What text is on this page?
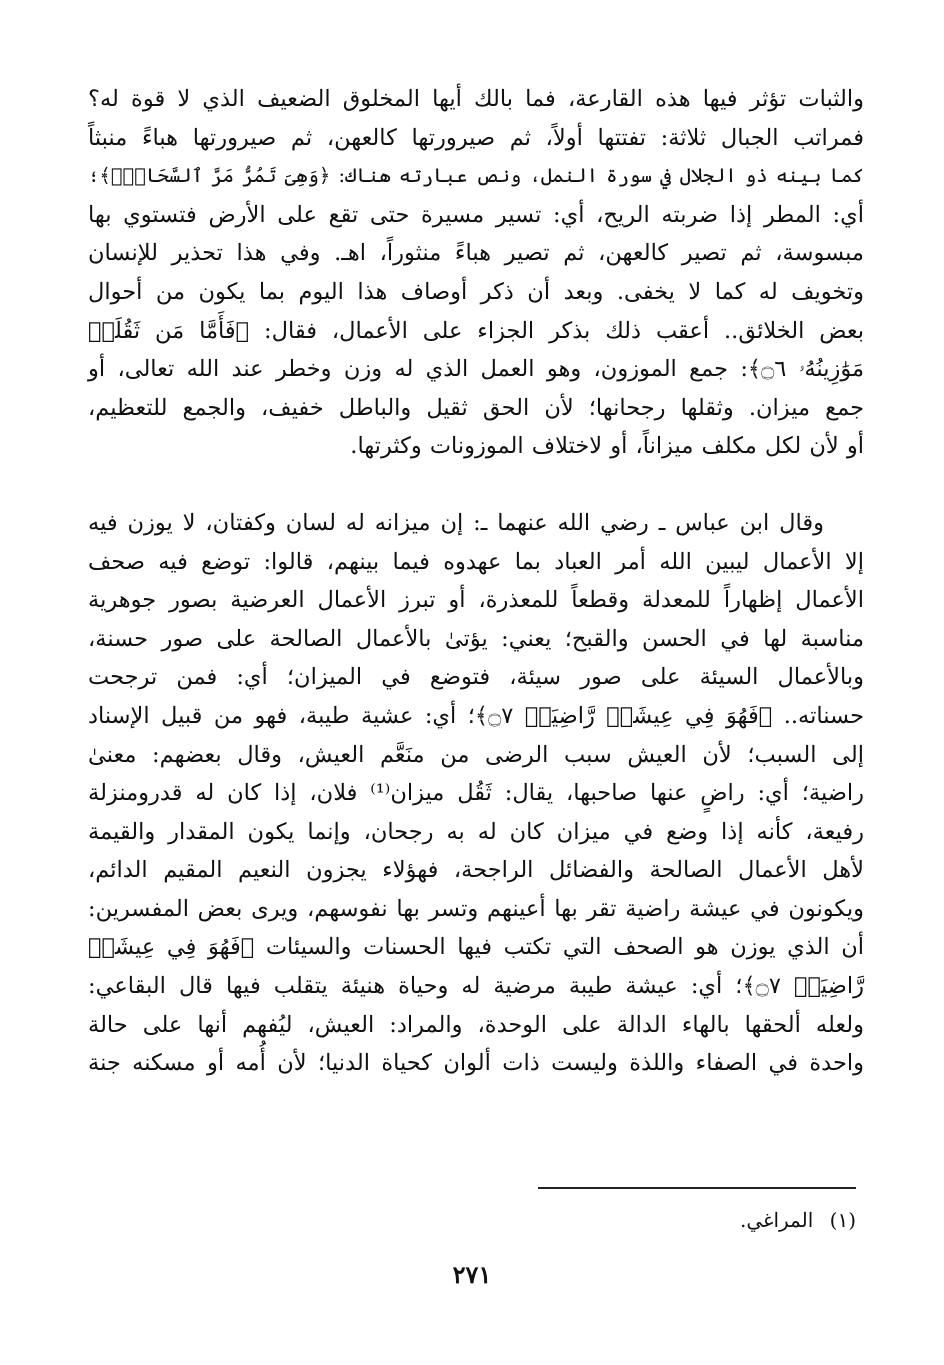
والثبات تؤثر فيها هذه القارعة، فما بالك أيها المخلوق الضعيف الذي لا قوة له؟
فمراتب الجبال ثلاثة: تفتتها أولاً، ثم صيرورتها كالعهن، ثم صيرورتها هباءً منبثاً
كما بينه ذو الجلال في سورة النمل، ونص عبارته هناك: ﴿وَهِىَ تَمُرُّ مَرَّ ٱلسَّحَابِۚ﴾؛
أي: المطر إذا ضربته الريح، أي: تسير مسيرة حتى تقع على الأرض فتستوي بها
مبسوسة، ثم تصير كالعهن، ثم تصير هباءً منثوراً، اهـ. وفي هذا تحذير للإنسان
وتخويف له كما لا يخفى. وبعد أن ذكر أوصاف هذا اليوم بما يكون من أحوال
بعض الخلائق.. أعقب ذلك بذكر الجزاء على الأعمال، فقال: ﴿فَأَمَّا مَن ثَقُلَتۡ
مَوَٰزِينُهُۥ ۝٦﴾: جمع الموزون، وهو العمل الذي له وزن وخطر عند الله تعالى، أو
جمع ميزان. وثقلها رجحانها؛ لأن الحق ثقيل والباطل خفيف، والجمع للتعظيم،
أو لأن لكل مكلف ميزاناً، أو لاختلاف الموزونات وكثرتها.

وقال ابن عباس ـ رضي الله عنهما ـ: إن ميزانه له لسان وكفتان، لا يوزن فيه
إلا الأعمال ليبين الله أمر العباد بما عهدوه فيما بينهم، قالوا: توضع فيه صحف
الأعمال إظهاراً للمعدلة وقطعاً للمعذرة، أو تبرز الأعمال العرضية بصور جوهرية
مناسبة لها في الحسن والقبح؛ يعني: يؤتىٰ بالأعمال الصالحة على صور حسنة،
وبالأعمال السيئة على صور سيئة، فتوضع في الميزان؛ أي: فمن ترجحت
حسناته.. ﴿فَهُوَ فِي عِيشَةٖ رَّاضِيَةٖ ۝٧﴾؛ أي: عشية طيبة، فهو من قبيل الإسناد
إلى السبب؛ لأن العيش سبب الرضى من منَعَّم العيش، وقال بعضهم: معنىٰ
راضية؛ أي: راضٍ عنها صاحبها، يقال: ثَقُل ميزان⁽¹⁾ فلان، إذا كان له قدرومنزلة
رفيعة، كأنه إذا وضع في ميزان كان له به رجحان، وإنما يكون المقدار والقيمة
لأهل الأعمال الصالحة والفضائل الراجحة، فهؤلاء يجزون النعيم المقيم الدائم،
ويكونون في عيشة راضية تقر بها أعينهم وتسر بها نفوسهم، ويرى بعض المفسرين:
أن الذي يوزن هو الصحف التي تكتب فيها الحسنات والسيئات ﴿فَهُوَ فِي عِيشَةٖ
رَّاضِيَةٖ ۝٧﴾؛ أي: عيشة طيبة مرضية له وحياة هنيئة يتقلب فيها قال البقاعي:
ولعله ألحقها بالهاء الدالة على الوحدة، والمراد: العيش، ليُفهم أنها على حالة
واحدة في الصفاء واللذة وليست ذات ألوان كحياة الدنيا؛ لأن أُمه أو مسكنه جنة

(١) المراغي.
٢٧١
